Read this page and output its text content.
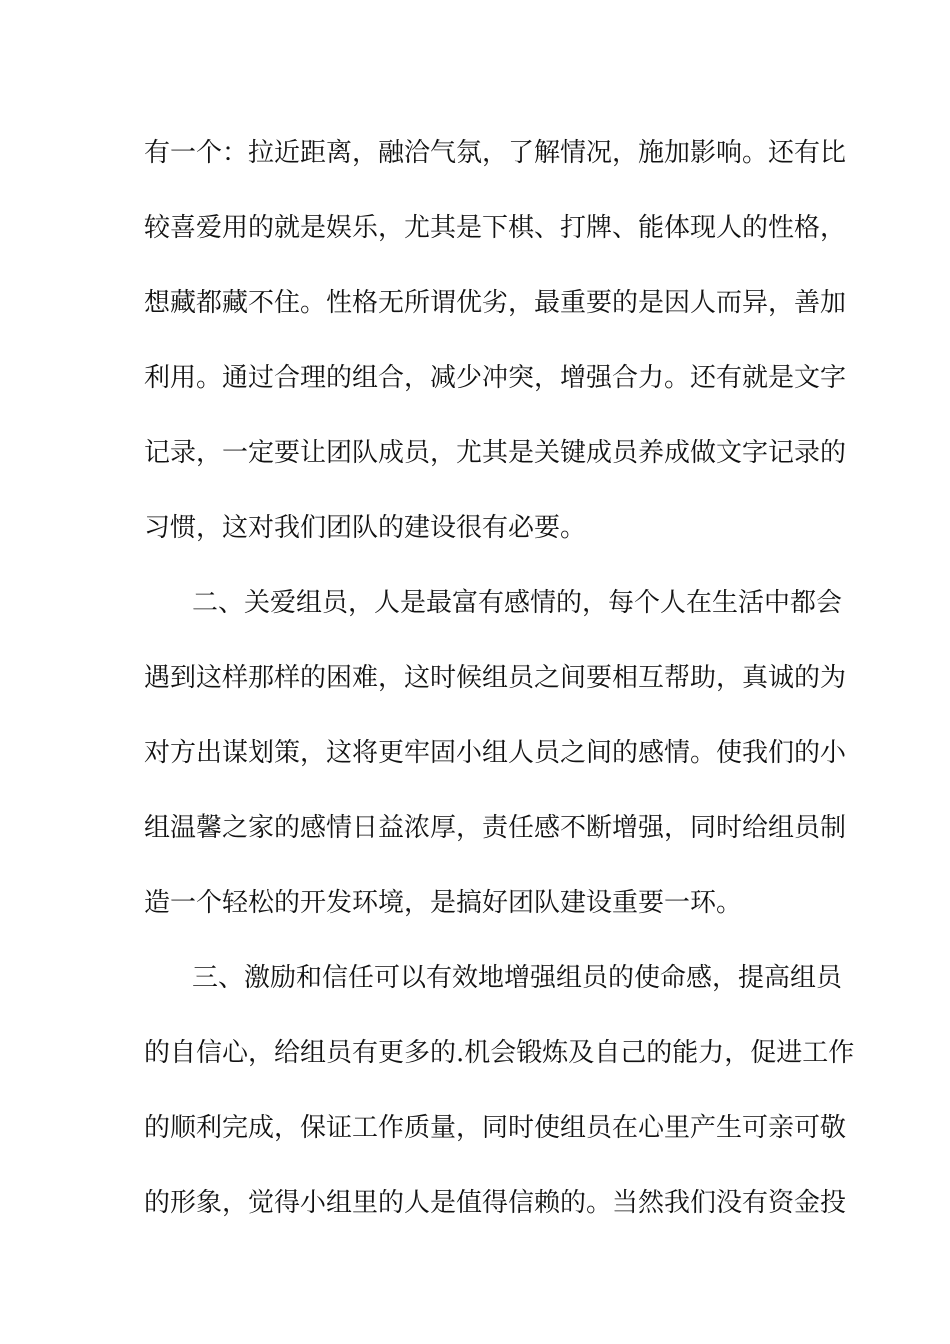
有一个：拉近距离，融洽气氛，了解情况，施加影响。还有比
较喜爱用的就是娱乐，尤其是下棋、打牌、能体现人的性格，
想藏都藏不住。性格无所谓优劣，最重要的是因人而异，善加
利用。通过合理的组合，减少冲突，增强合力。还有就是文字
记录，一定要让团队成员，尤其是关键成员养成做文字记录的
习惯，这对我们团队的建设很有必要。
二、关爱组员，人是最富有感情的，每个人在生活中都会
遇到这样那样的困难，这时候组员之间要相互帮助，真诚的为
对方出谋划策，这将更牢固小组人员之间的感情。使我们的小
组温馨之家的感情日益浓厚，责任感不断增强，同时给组员制
造一个轻松的开发环境，是搞好团队建设重要一环。
三、激励和信任可以有效地增强组员的使命感，提高组员
的自信心，给组员有更多的.机会锻炼及自己的能力，促进工作
的顺利完成，保证工作质量，同时使组员在心里产生可亲可敬
的形象，觉得小组里的人是值得信赖的。当然我们没有资金投
